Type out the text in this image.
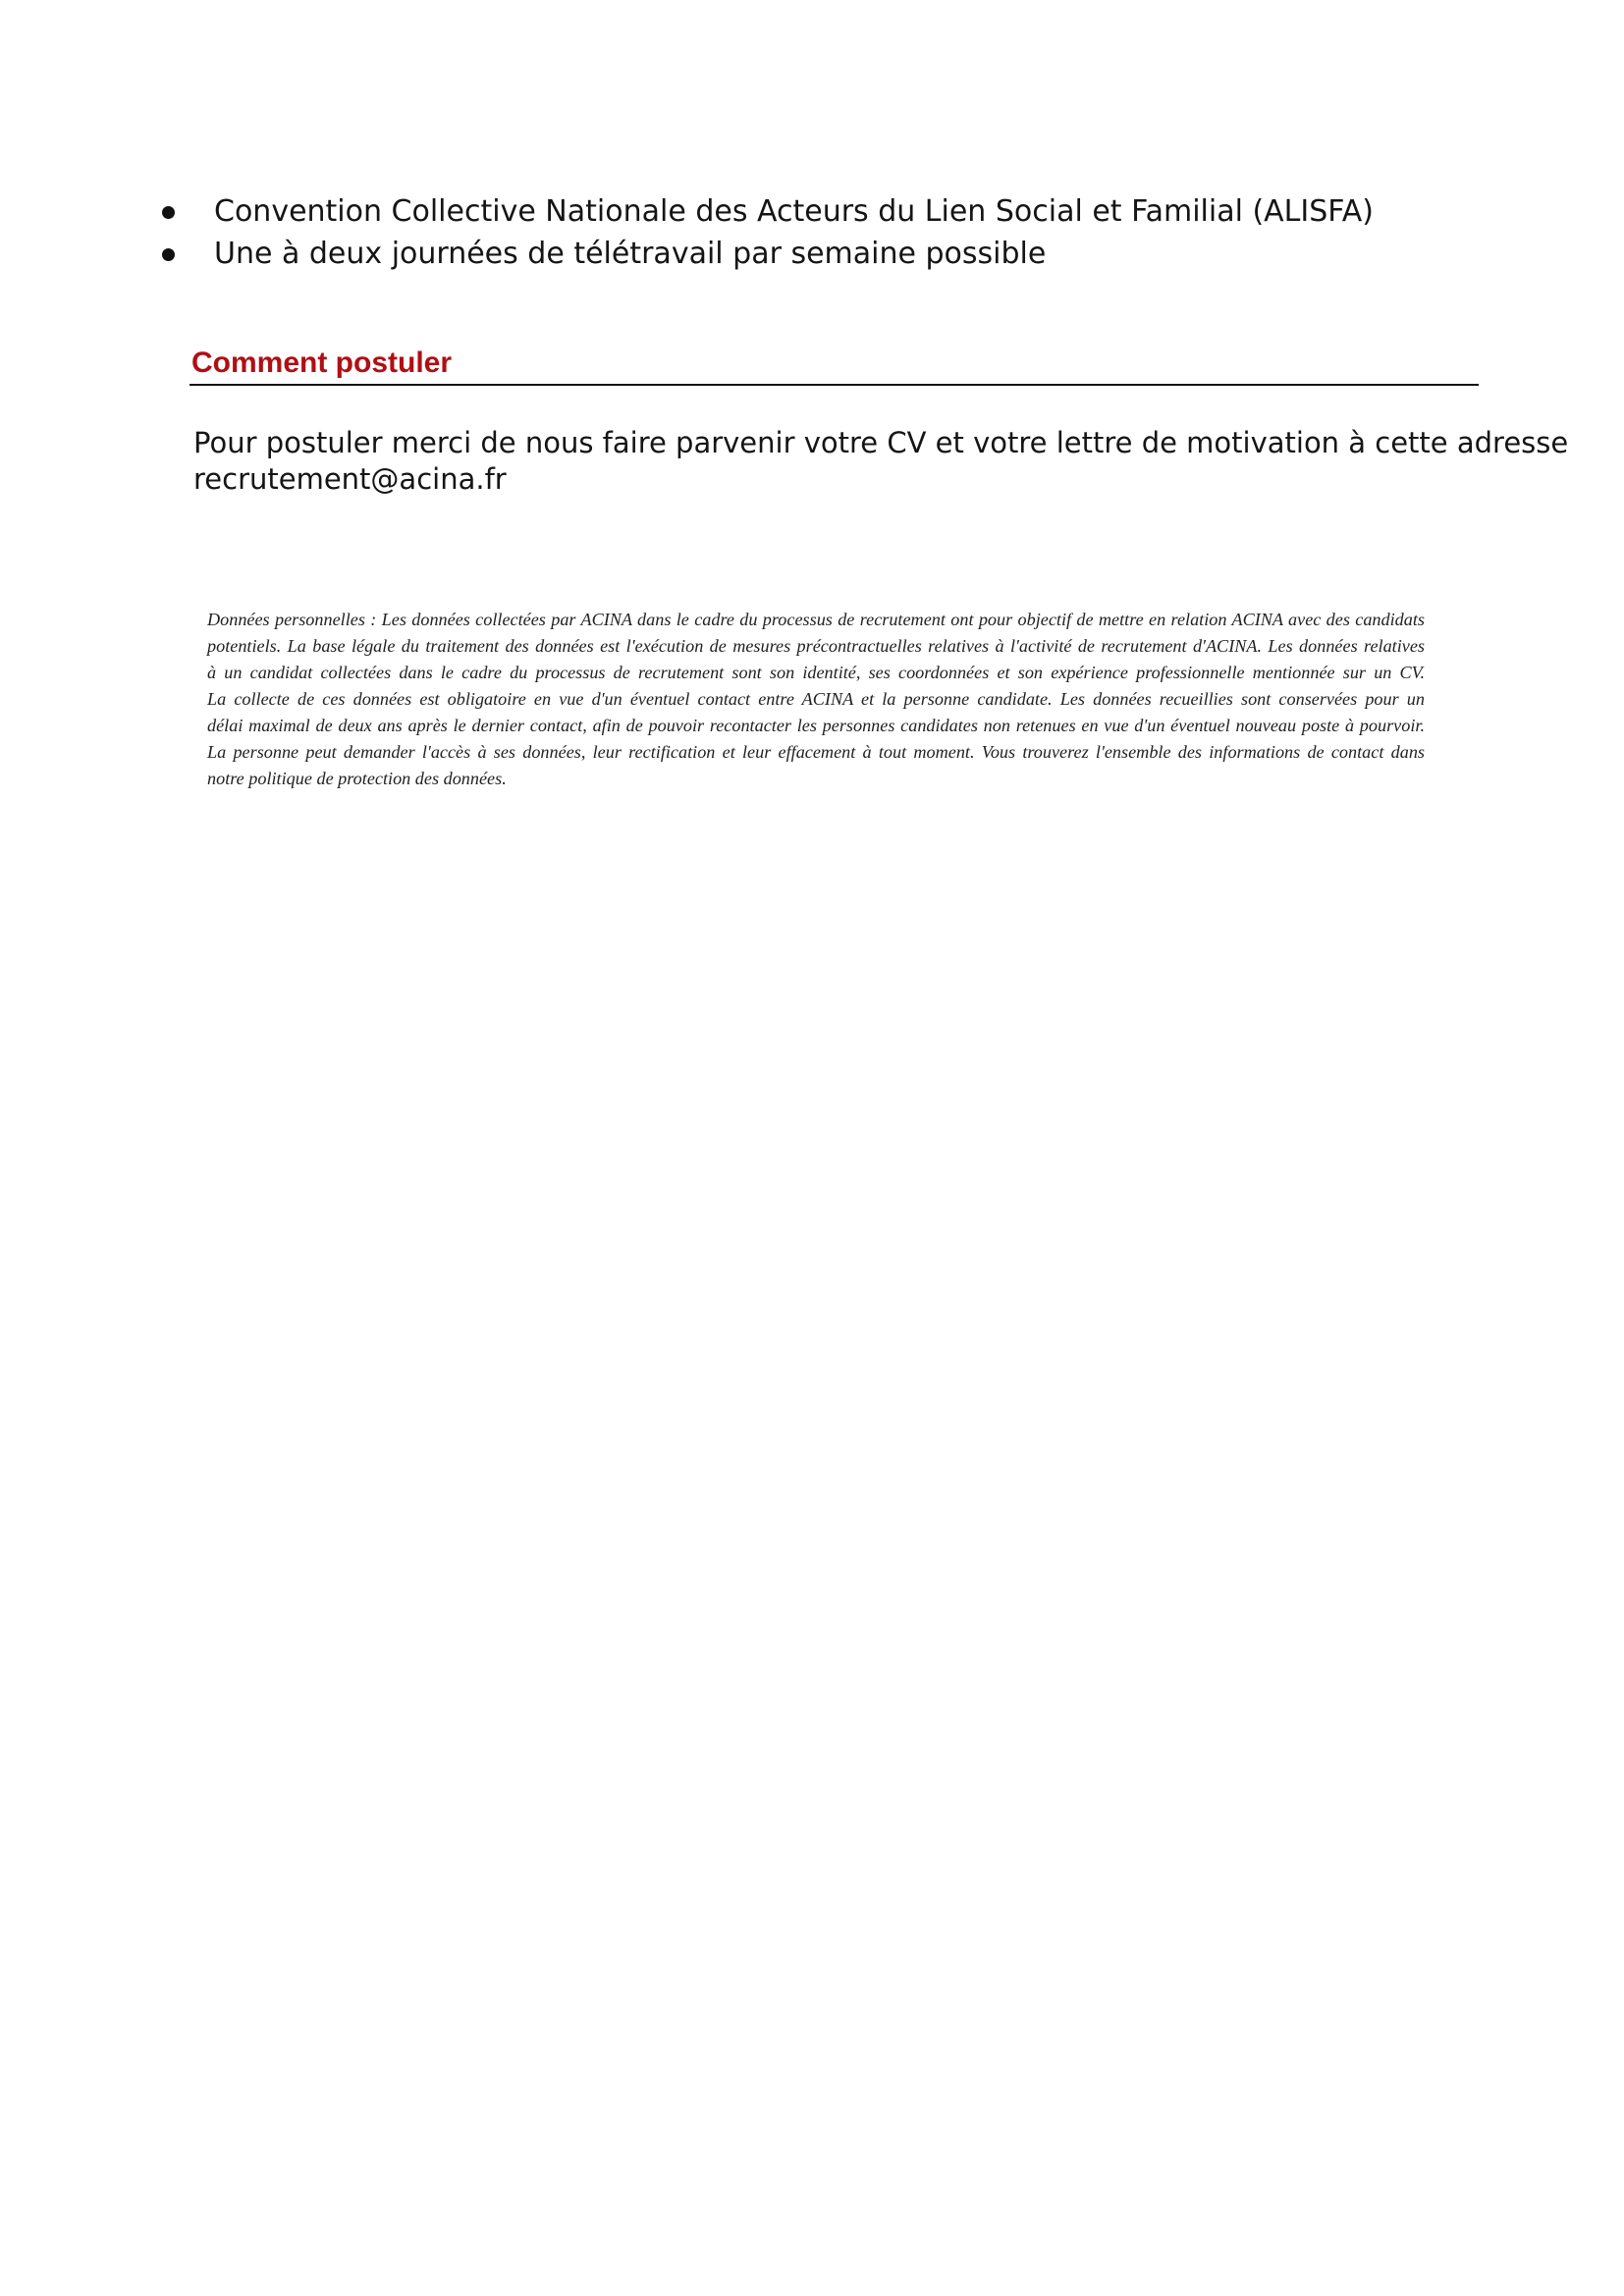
Convention Collective Nationale des Acteurs du Lien Social et Familial (ALISFA)
Une à deux journées de télétravail par semaine possible
Comment postuler
Pour postuler merci de nous faire parvenir votre CV et votre lettre de motivation à cette adresse
recrutement@acina.fr
Données personnelles : Les données collectées par ACINA dans le cadre du processus de recrutement ont pour objectif de mettre en relation ACINA avec des candidats
potentiels. La base légale du traitement des données est l'exécution de mesures précontractuelles relatives à l'activité de recrutement d'ACINA. Les données relatives
à un candidat collectées dans le cadre du processus de recrutement sont son identité, ses coordonnées et son expérience professionnelle mentionnée sur un CV.
La collecte de ces données est obligatoire en vue d'un éventuel contact entre ACINA et la personne candidate. Les données recueillies sont conservées pour un
délai maximal de deux ans après le dernier contact, afin de pouvoir recontacter les personnes candidates non retenues en vue d'un éventuel nouveau poste à pourvoir.
La personne peut demander l'accès à ses données, leur rectification et leur effacement à tout moment. Vous trouverez l'ensemble des informations de contact dans
notre politique de protection des données.
